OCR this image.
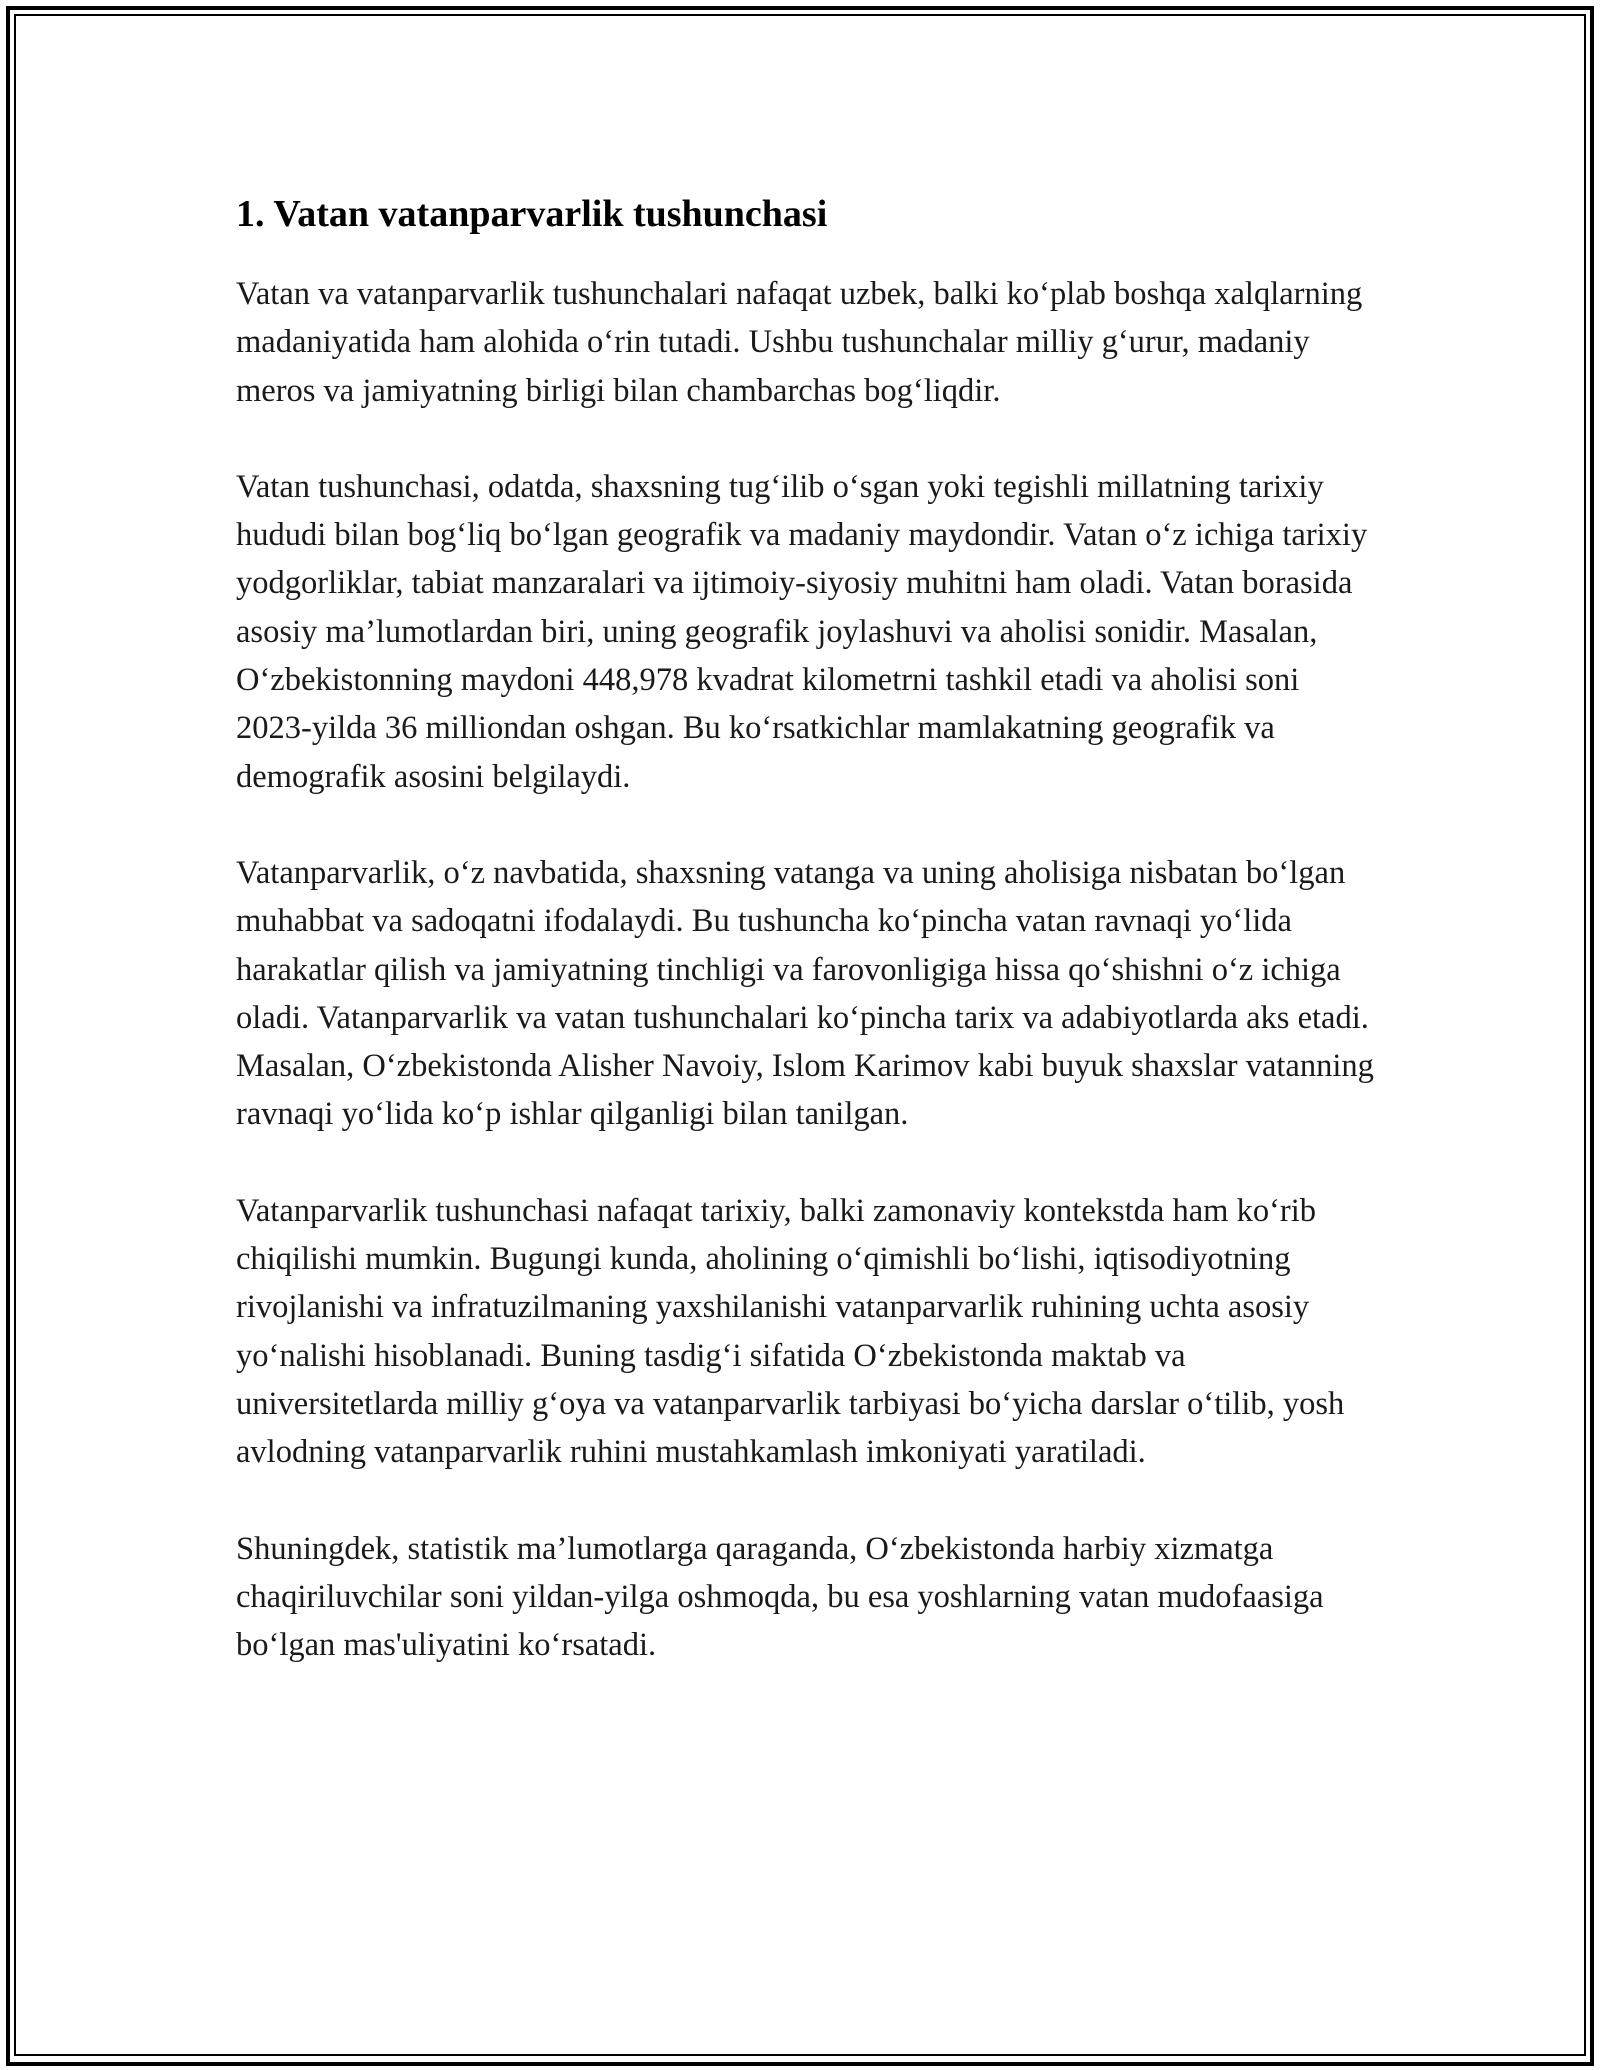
1. Vatan vatanparvarlik tushunchasi

Vatan va vatanparvarlik tushunchalari nafaqat uzbek, balki ko‘plab boshqa xalqlarning madaniyatida ham alohida o‘rin tutadi. Ushbu tushunchalar milliy g‘urur, madaniy meros va jamiyatning birligi bilan chambarchas bog‘liqdir.

Vatan tushunchasi, odatda, shaxsning tug‘ilib o‘sgan yoki tegishli millatning tarixiy hududi bilan bog‘liq bo‘lgan geografik va madaniy maydondir. Vatan o‘z ichiga tarixiy yodgorliklar, tabiat manzaralari va ijtimoiy-siyosiy muhitni ham oladi. Vatan borasida asosiy ma’lumotlardan biri, uning geografik joylashuvi va aholisi sonidir. Masalan, O‘zbekistonning maydoni 448,978 kvadrat kilometrni tashkil etadi va aholisi soni 2023-yilda 36 milliondan oshgan. Bu ko‘rsatkichlar mamlakatning geografik va demografik asosini belgilaydi.

Vatanparvarlik, o‘z navbatida, shaxsning vatanga va uning aholisiga nisbatan bo‘lgan muhabbat va sadoqatni ifodalaydi. Bu tushuncha ko‘pincha vatan ravnaqi yo‘lida harakatlar qilish va jamiyatning tinchligi va farovonligiga hissa qo‘shishni o‘z ichiga oladi. Vatanparvarlik va vatan tushunchalari ko‘pincha tarix va adabiyotlarda aks etadi. Masalan, O‘zbekistonda Alisher Navoiy, Islom Karimov kabi buyuk shaxslar vatanning ravnaqi yo‘lida ko‘p ishlar qilganligi bilan tanilgan.

Vatanparvarlik tushunchasi nafaqat tarixiy, balki zamonaviy kontekstda ham ko‘rib chiqilishi mumkin. Bugungi kunda, aholining o‘qimishli bo‘lishi, iqtisodiyotning rivojlanishi va infratuzilmaning yaxshilanishi vatanparvarlik ruhining uchta asosiy yo‘nalishi hisoblanadi. Buning tasdig‘i sifatida O‘zbekistonda maktab va universitetlarda milliy g‘oya va vatanparvarlik tarbiyasi bo‘yicha darslar o‘tilib, yosh avlodning vatanparvarlik ruhini mustahkamlash imkoniyati yaratiladi.

Shuningdek, statistik ma’lumotlarga qaraganda, O‘zbekistonda harbiy xizmatga chaqiriluvchilar soni yildan-yilga oshmoqda, bu esa yoshlarning vatan mudofaasiga bo‘lgan mas'uliyatini ko‘rsatadi.
